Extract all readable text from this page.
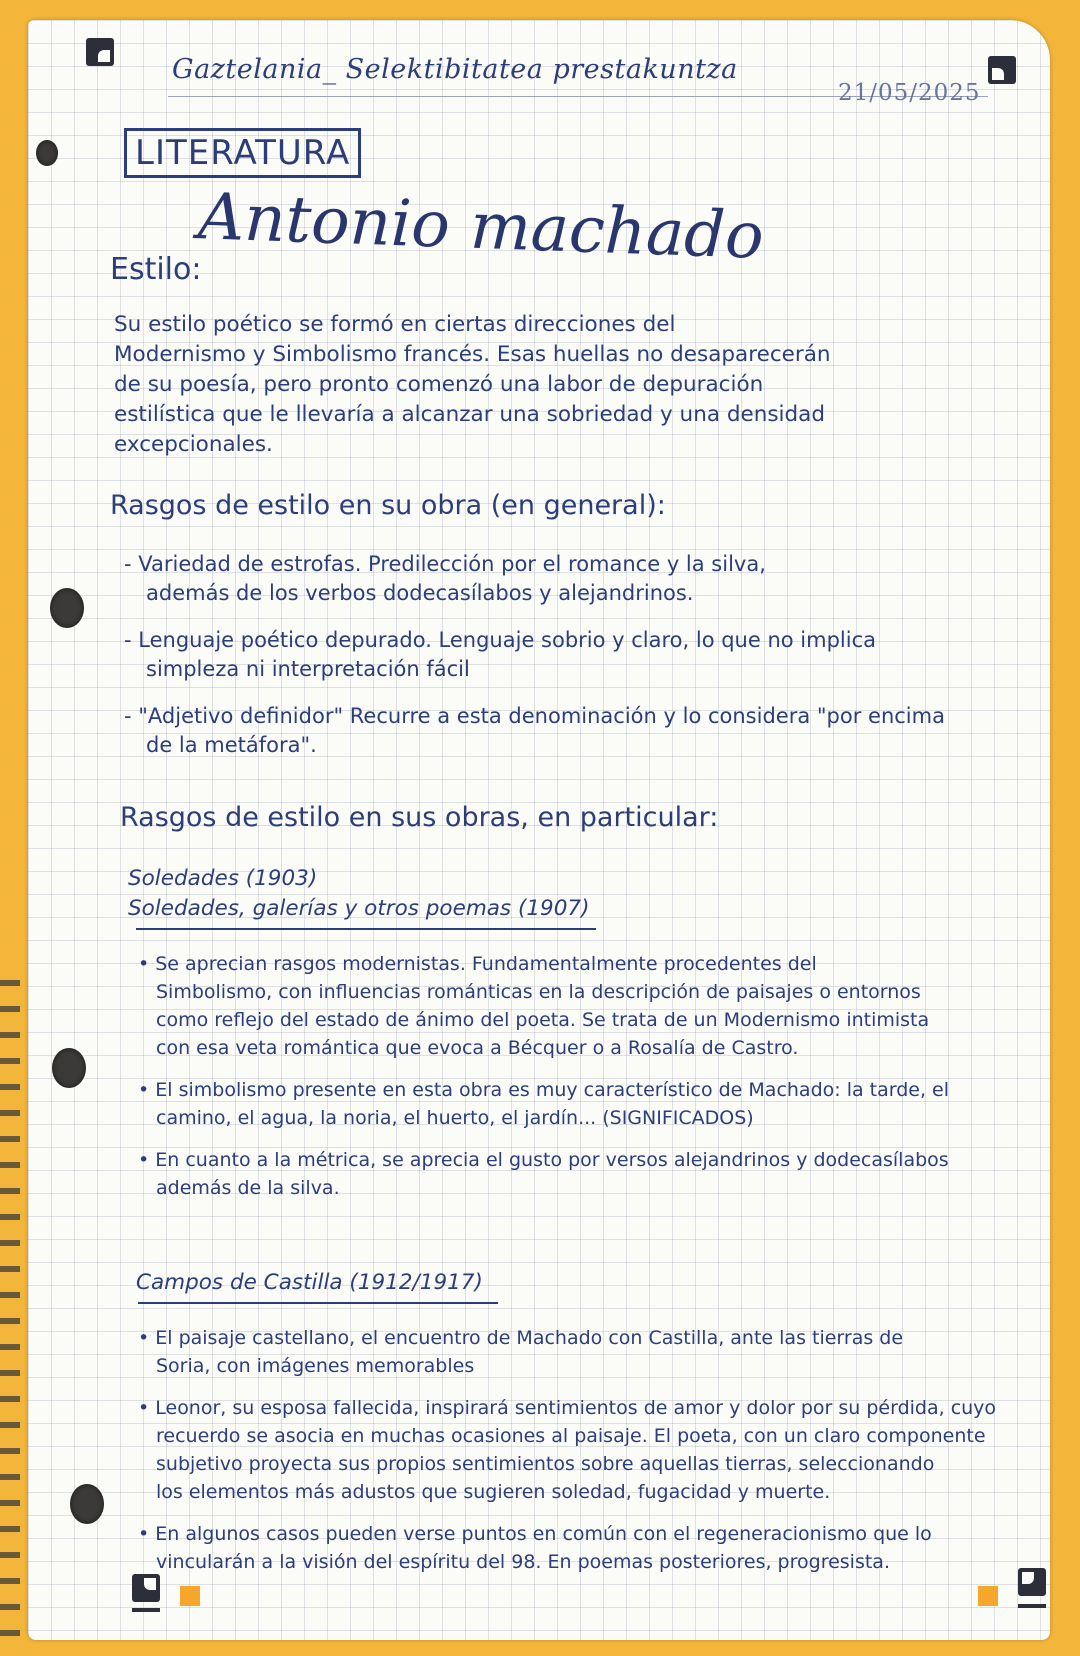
Gaztelania_ Selektibitatea prestakuntza
21/05/2025
LITERATURA
Antonio machado
Estilo:
Su estilo poético se formó en ciertas direcciones del
Modernismo y Simbolismo francés. Esas huellas no desaparecerán
de su poesía, pero pronto comenzó una labor de depuración
estilística que le llevaría a alcanzar una sobriedad y una densidad
excepcionales.
Rasgos de estilo en su obra (en general):
- Variedad de estrofas. Predilección por el romance y la silva,
además de los verbos dodecasílabos y alejandrinos.
- Lenguaje poético depurado. Lenguaje sobrio y claro, lo que no implica
simpleza ni interpretación fácil
- "Adjetivo definidor" Recurre a esta denominación y lo considera "por encima
de la metáfora".
Rasgos de estilo en sus obras, en particular:
Soledades (1903)
Soledades, galerías y otros poemas (1907)
• Se aprecian rasgos modernistas. Fundamentalmente procedentes del
Simbolismo, con influencias románticas en la descripción de paisajes o entornos
como reflejo del estado de ánimo del poeta. Se trata de un Modernismo intimista
con esa veta romántica que evoca a Bécquer o a Rosalía de Castro.
• El simbolismo presente en esta obra es muy característico de Machado: la tarde, el
camino, el agua, la noria, el huerto, el jardín... (SIGNIFICADOS)
• En cuanto a la métrica, se aprecia el gusto por versos alejandrinos y dodecasílabos
además de la silva.
Campos de Castilla (1912/1917)
• El paisaje castellano, el encuentro de Machado con Castilla, ante las tierras de
Soria, con imágenes memorables
• Leonor, su esposa fallecida, inspirará sentimientos de amor y dolor por su pérdida, cuyo
recuerdo se asocia en muchas ocasiones al paisaje. El poeta, con un claro componente
subjetivo proyecta sus propios sentimientos sobre aquellas tierras, seleccionando
los elementos más adustos que sugieren soledad, fugacidad y muerte.
• En algunos casos pueden verse puntos en común con el regeneracionismo que lo
vincularán a la visión del espíritu del 98. En poemas posteriores, progresista.
